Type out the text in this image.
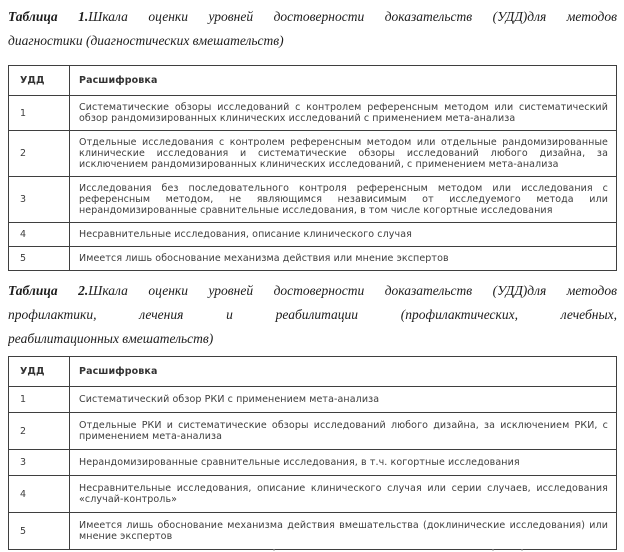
Таблица 1.Шкала оценки уровней достоверности доказательств (УДД)для методов
диагностики (диагностических вмешательств)
УДД	Расшифровка
1	Систематические обзоры исследований с контролем референсным методом или систематический обзор рандомизированных клинических исследований с применением мета-анализа
2	Отдельные исследования с контролем референсным методом или отдельные рандомизированные клинические исследования и систематические обзоры исследований любого дизайна, за исключением рандомизированных клинических исследований, с применением мета-анализа
3	Исследования без последовательного контроля референсным методом или исследования с референсным методом, не являющимся независимым от исследуемого метода или нерандомизированные сравнительные исследования, в том числе когортные исследования
4	Несравнительные исследования, описание клинического случая
5	Имеется лишь обоснование механизма действия или мнение экспертов
Таблица 2.Шкала оценки уровней достоверности доказательств (УДД)для методов
профилактики, лечения и реабилитации (профилактических, лечебных,
реабилитационных вмешательств)
УДД	Расшифровка
1	Систематический обзор РКИ с применением мета-анализа
2	Отдельные РКИ и систематические обзоры исследований любого дизайна, за исключением РКИ, с применением мета-анализа
3	Нерандомизированные сравнительные исследования, в т.ч. когортные исследования
4	Несравнительные исследования, описание клинического случая или серии случаев, исследования «случай-контроль»
5	Имеется лишь обоснование механизма действия вмешательства (доклинические исследования) или мнение экспертов
